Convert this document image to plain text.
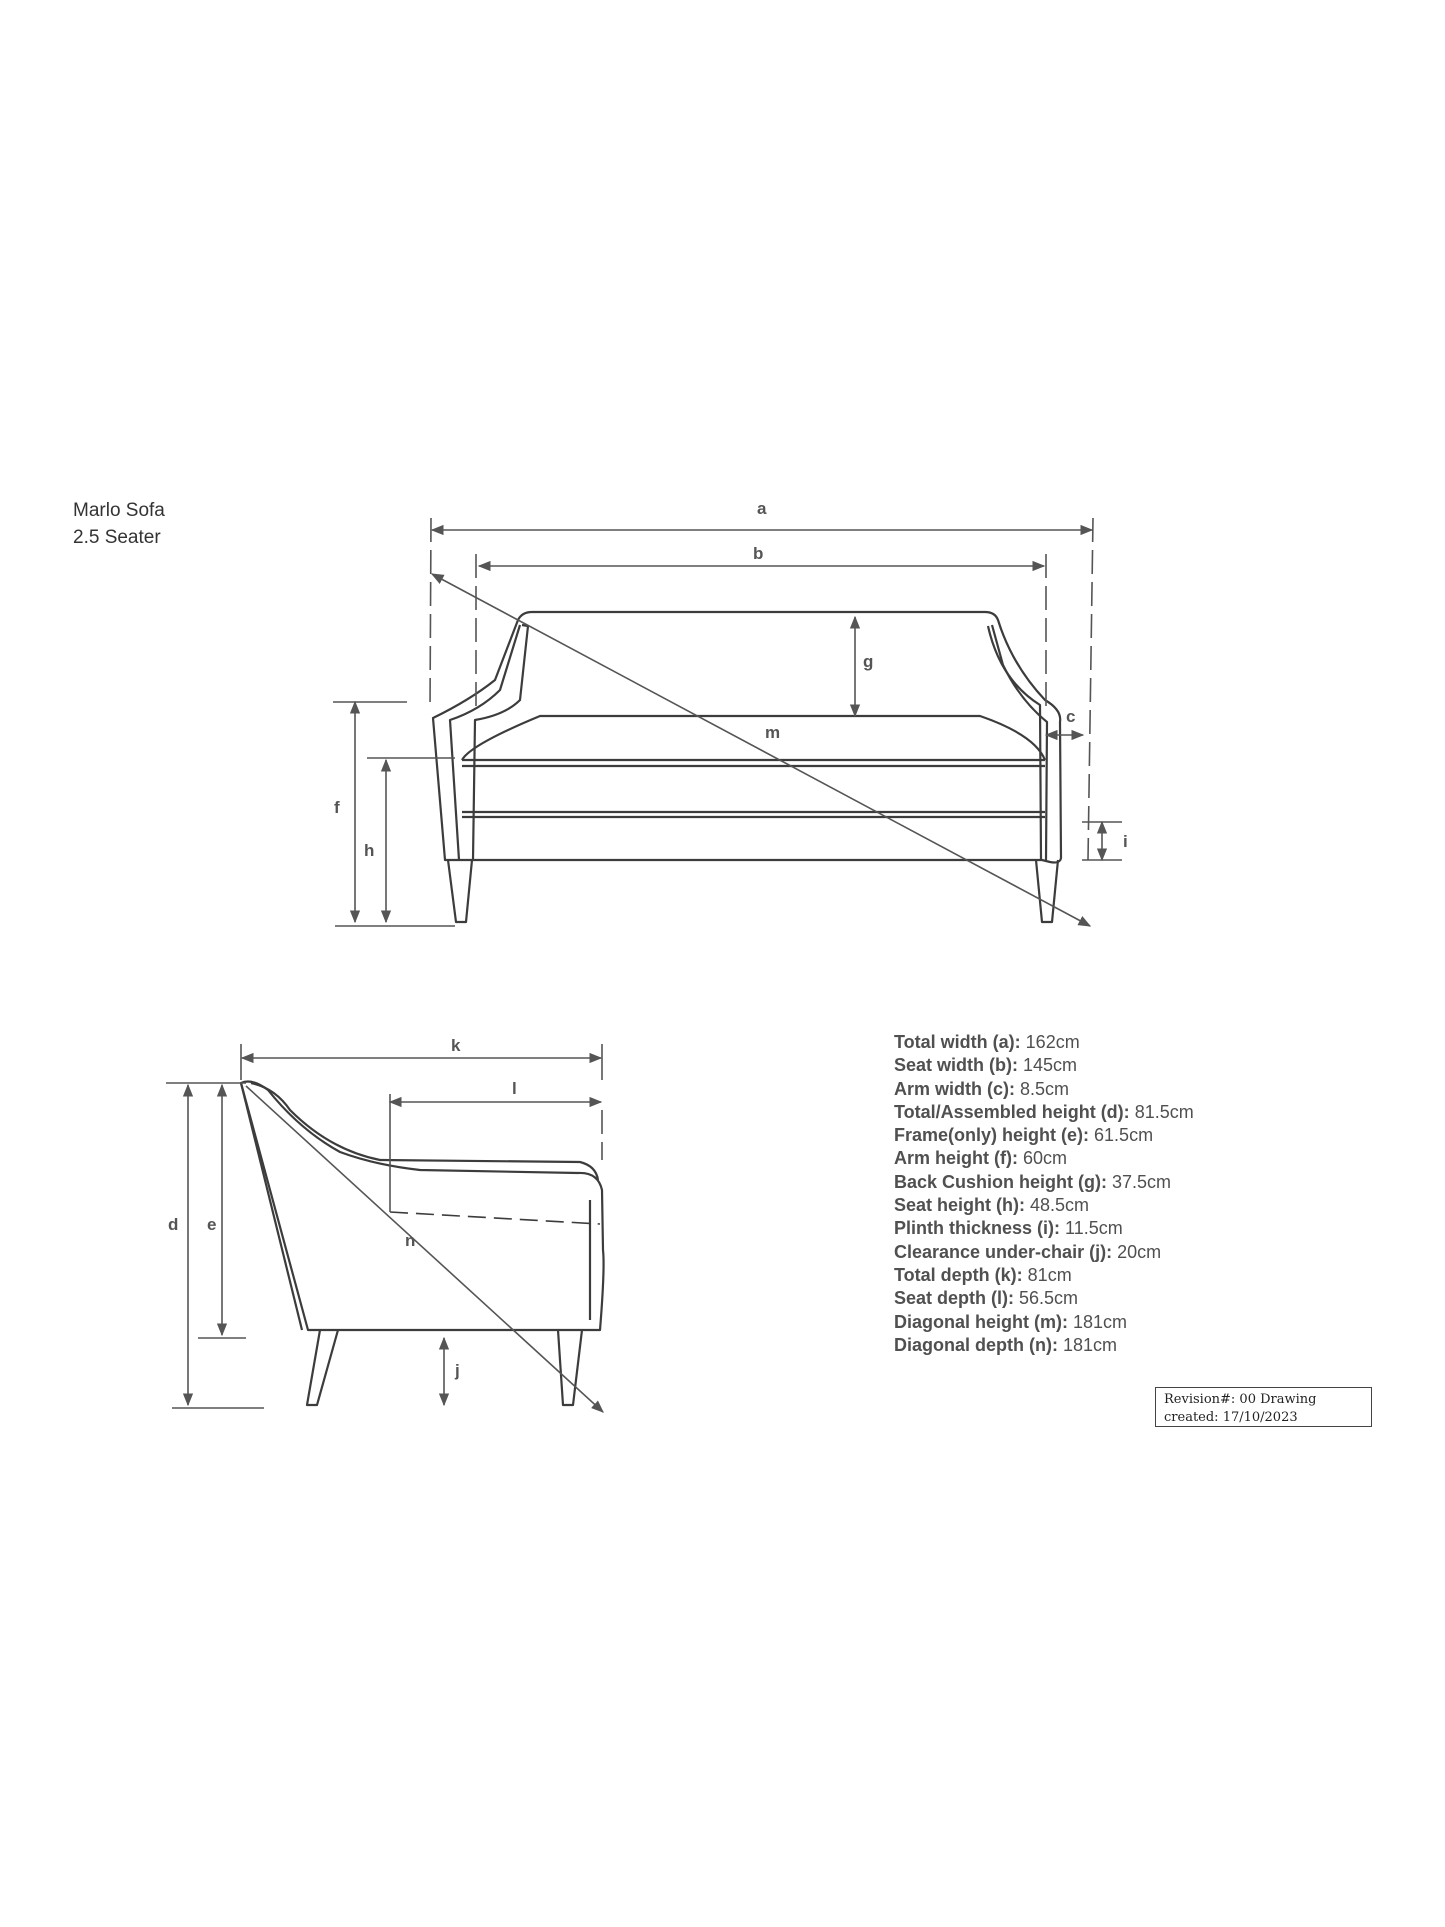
Marlo Sofa
2.5 Seater
a
b
g
c
m
f
h	i
k
l
d e
n
j
Total width (a): 162cm
Seat width (b): 145cm
Arm width (c): 8.5cm
Total/Assembled height (d): 81.5cm
Frame(only) height (e): 61.5cm
Arm height (f): 60cm
Back Cushion height (g): 37.5cm
Seat height (h): 48.5cm
Plinth thickness (i): 11.5cm
Clearance under-chair (j): 20cm
Total depth (k): 81cm
Seat depth (l): 56.5cm
Diagonal height (m): 181cm
Diagonal depth (n): 181cm
Revision#: 00 Drawing
created: 17/10/2023
